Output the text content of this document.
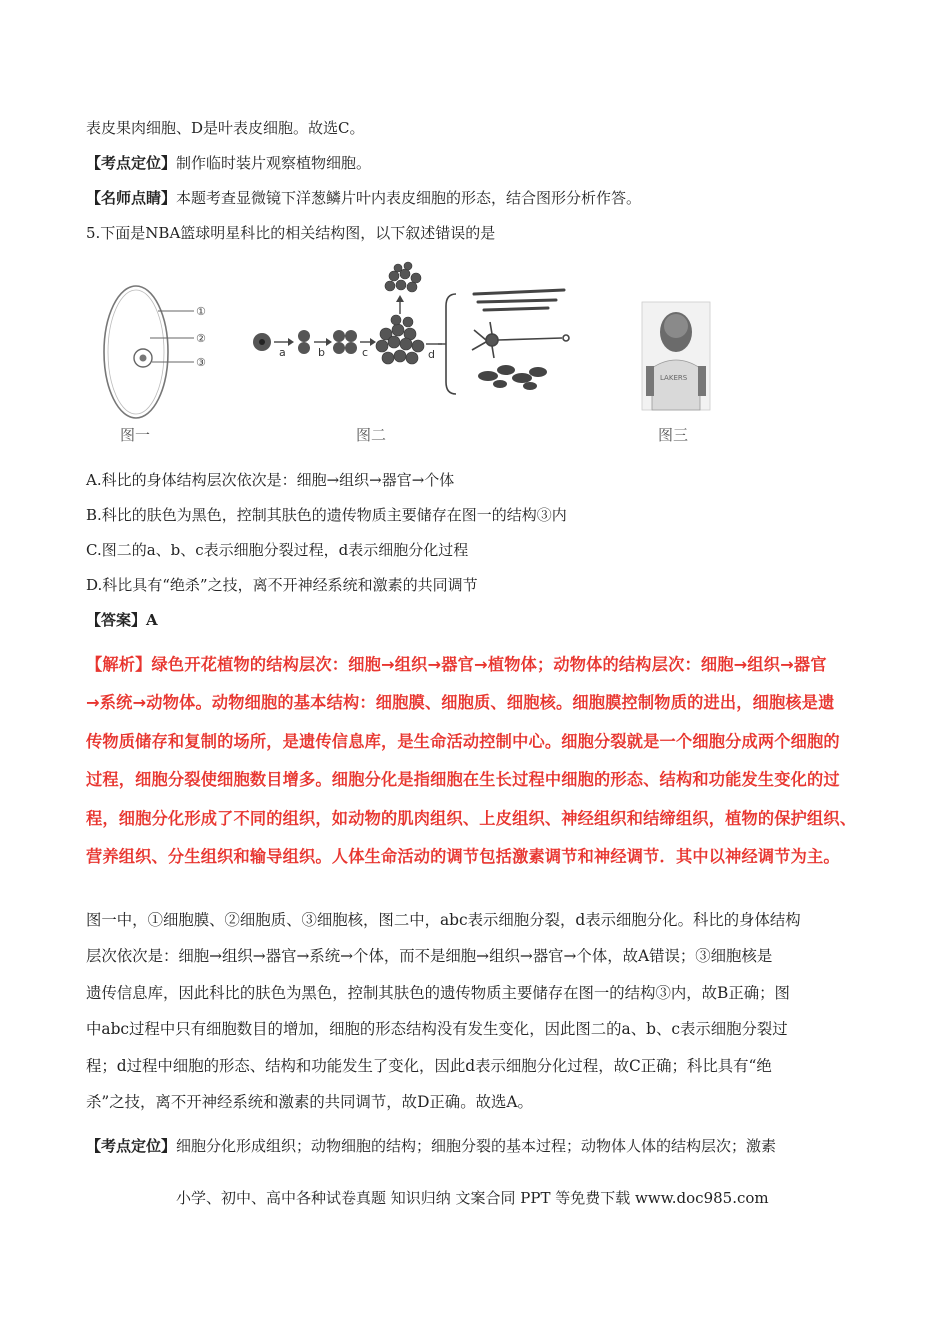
表皮果肉细胞、D是叶表皮细胞。故选C。
【考点定位】制作临时装片观察植物细胞。
【名师点睛】本题考查显微镜下洋葱鳞片叶内表皮细胞的形态，结合图形分析作答。
5.下面是NBA篮球明星科比的相关结构图，以下叙述错误的是
①
②
③
图一
a	b	c	d
图二
LAKERS
图三
A.科比的身体结构层次依次是：细胞→组织→器官→个体
B.科比的肤色为黑色，控制其肤色的遗传物质主要储存在图一的结构③内
C.图二的a、b、c表示细胞分裂过程，d表示细胞分化过程
D.科比具有“绝杀”之技，离不开神经系统和激素的共同调节
【答案】A
【解析】绿色开花植物的结构层次：细胞→组织→器官→植物体；动物体的结构层次：细胞→组织→器官
→系统→动物体。动物细胞的基本结构：细胞膜、细胞质、细胞核。细胞膜控制物质的进出，细胞核是遗
传物质储存和复制的场所，是遗传信息库，是生命活动控制中心。细胞分裂就是一个细胞分成两个细胞的
过程，细胞分裂使细胞数目增多。细胞分化是指细胞在生长过程中细胞的形态、结构和功能发生变化的过
程，细胞分化形成了不同的组织，如动物的肌肉组织、上皮组织、神经组织和结缔组织，植物的保护组织、
营养组织、分生组织和输导组织。人体生命活动的调节包括激素调节和神经调节．其中以神经调节为主。
图一中，①细胞膜、②细胞质、③细胞核，图二中，abc表示细胞分裂，d表示细胞分化。科比的身体结构
层次依次是：细胞→组织→器官→系统→个体，而不是细胞→组织→器官→个体，故A错误；③细胞核是
遗传信息库，因此科比的肤色为黑色，控制其肤色的遗传物质主要储存在图一的结构③内，故B正确；图
中abc过程中只有细胞数目的增加，细胞的形态结构没有发生变化，因此图二的a、b、c表示细胞分裂过
程；d过程中细胞的形态、结构和功能发生了变化，因此d表示细胞分化过程，故C正确；科比具有“绝
杀”之技，离不开神经系统和激素的共同调节，故D正确。故选A。
【考点定位】细胞分化形成组织；动物细胞的结构；细胞分裂的基本过程；动物体人体的结构层次；激素
小学、初中、高中各种试卷真题 知识归纳 文案合同 PPT 等免费下载 www.doc985.com
